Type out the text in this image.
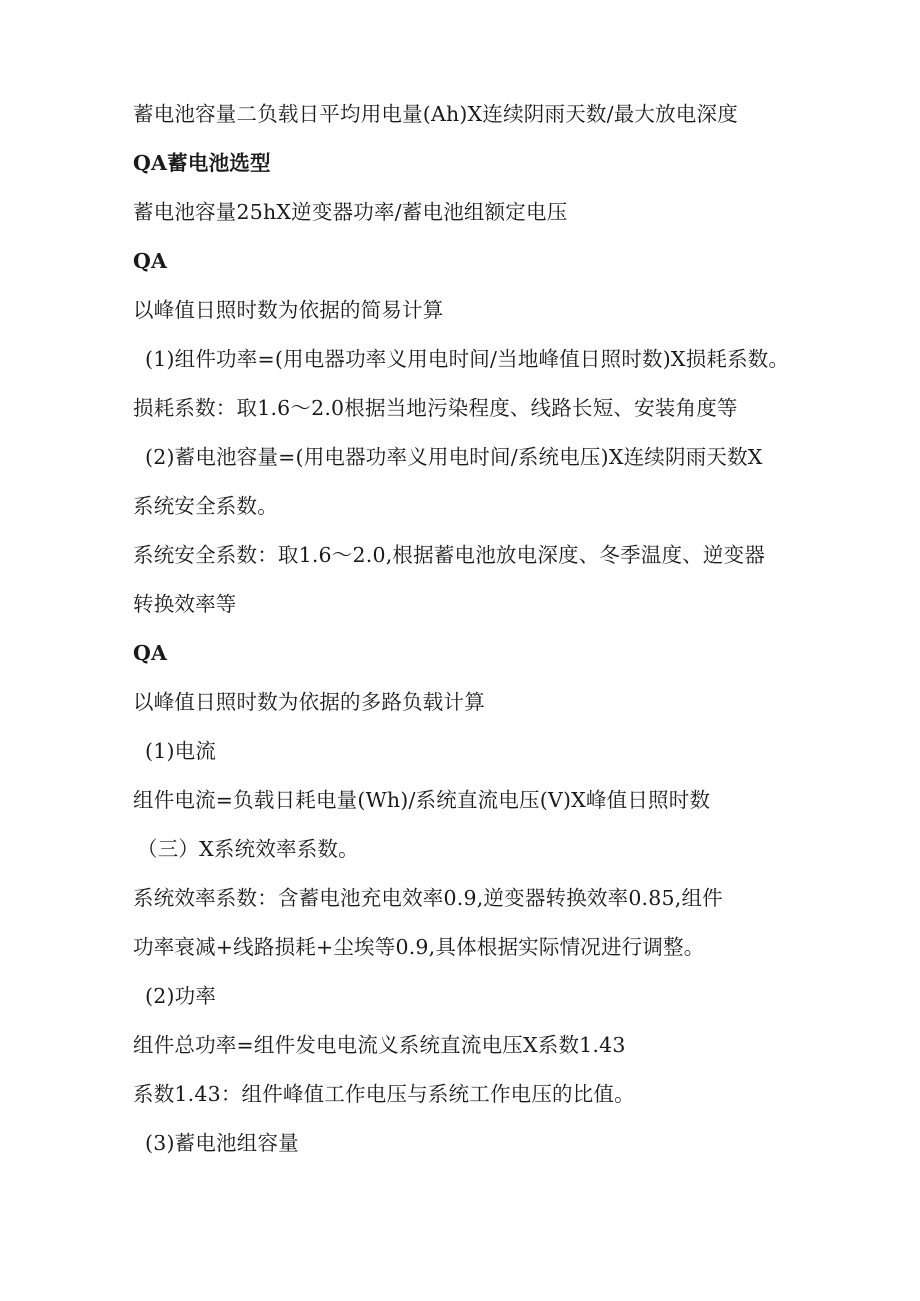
蓄电池容量二负载日平均用电量(Ah)X连续阴雨天数/最大放电深度
QA蓄电池选型
蓄电池容量25hX逆变器功率/蓄电池组额定电压
QA
以峰值日照时数为依据的简易计算
(1)组件功率=(用电器功率义用电时间/当地峰值日照时数)X损耗系数。
损耗系数：取1.6～2.0根据当地污染程度、线路长短、安装角度等
(2)蓄电池容量=(用电器功率义用电时间/系统电压)X连续阴雨天数X
系统安全系数。
系统安全系数：取1.6～2.0,根据蓄电池放电深度、冬季温度、逆变器
转换效率等
QA
以峰值日照时数为依据的多路负载计算
(1)电流
组件电流=负载日耗电量(Wh)/系统直流电压(V)X峰值日照时数
（三）X系统效率系数。
系统效率系数：含蓄电池充电效率0.9,逆变器转换效率0.85,组件
功率衰减+线路损耗+尘埃等0.9,具体根据实际情况进行调整。
(2)功率
组件总功率=组件发电电流义系统直流电压X系数1.43
系数1.43：组件峰值工作电压与系统工作电压的比值。
(3)蓄电池组容量
